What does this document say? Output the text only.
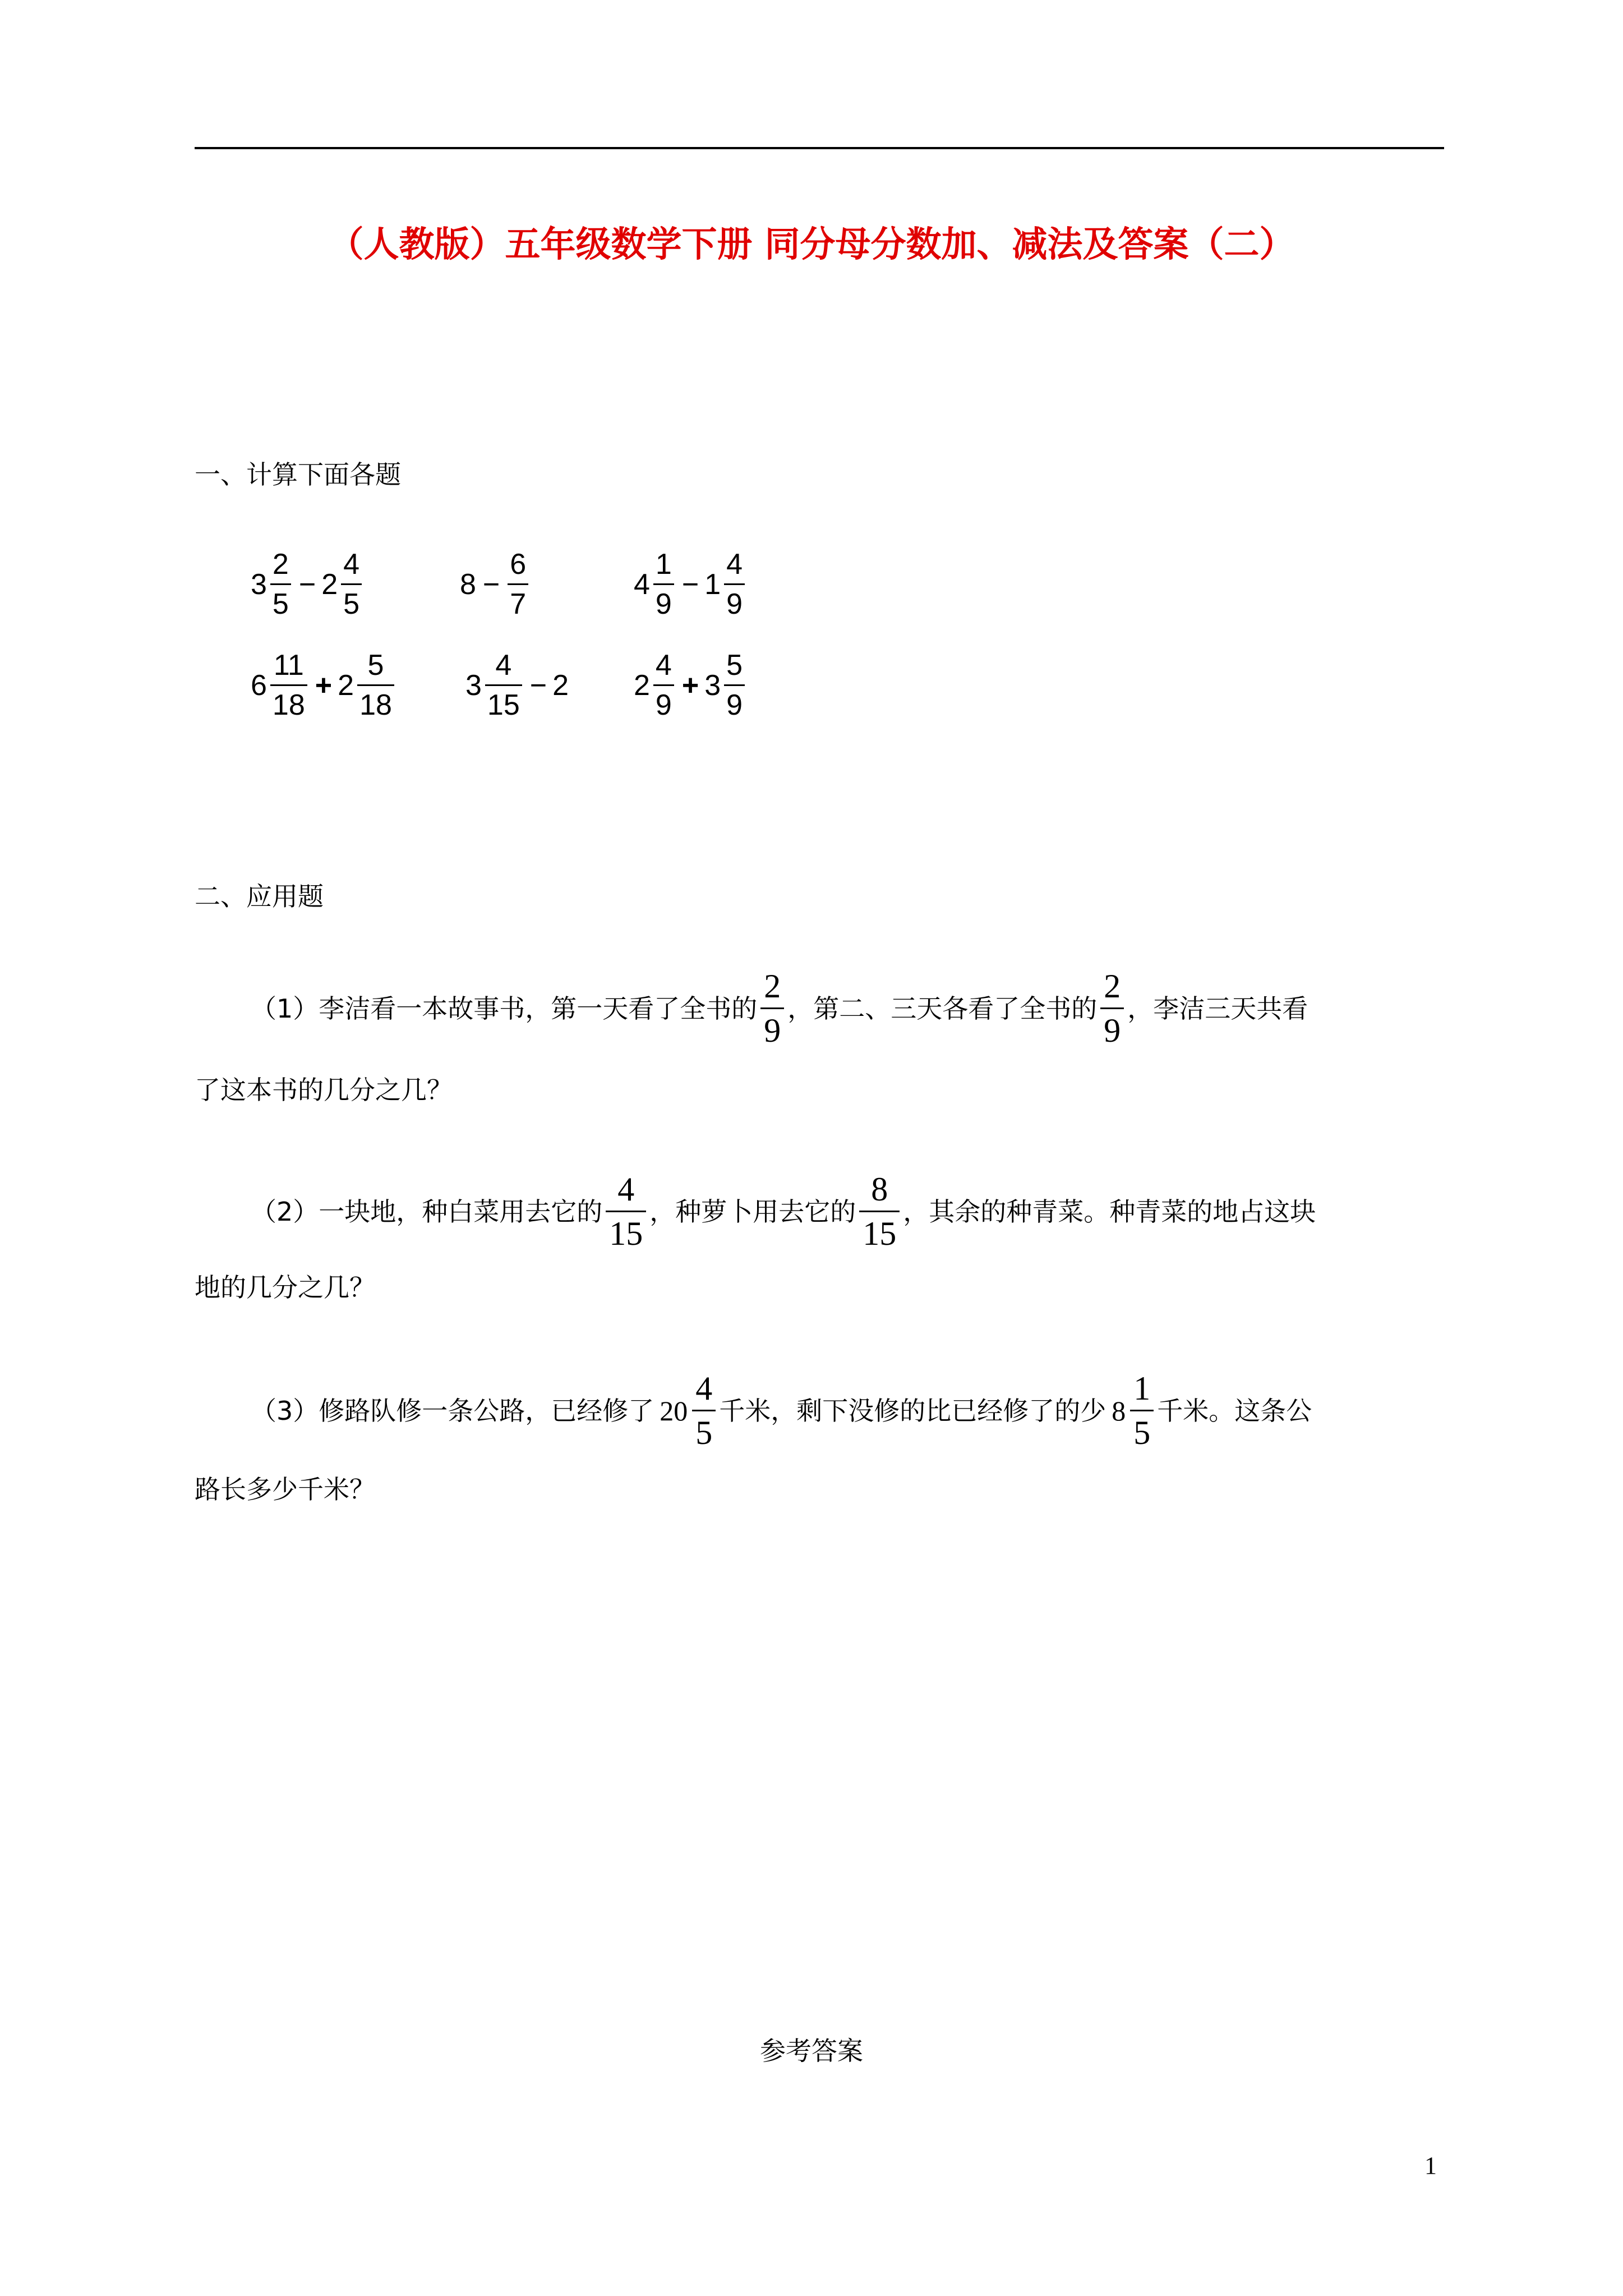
（人教版）五年级数学下册 同分母分数加、减法及答案（二）
一、计算下面各题
$3 \frac{2}{5} - 2 \frac{4}{5}$	$8 - \frac{6}{7}$	$4 \frac{1}{9} - 1 \frac{4}{9}$
$6 \frac{11}{18} + 2 \frac{5}{18} 3 \frac{4}{15} - 2$ $2 \frac{4}{9} + 3 \frac{5}{9}$
二、应用题
（1）李洁看一本故事书，第一天看了全书的 $\frac{2}{9}$ ，第二、三天各看了全书的 $\frac{2}{9}$ ，李洁三天共看
了这本书的几分之几？
（2）一块地，种白菜用去它的 $\frac{4}{15}$ ，种萝卜用去它的 $\frac{8}{15}$ ，其余的种青菜。种青菜的地占这块
地的几分之几？
（3）修路队修一条公路，已经修了 $20 \frac{4}{5}$ 千米，剩下没修的比已经修了的少 $8 \frac{1}{5}$ 千米。这条公
路长多少千米？
参考答案
1
